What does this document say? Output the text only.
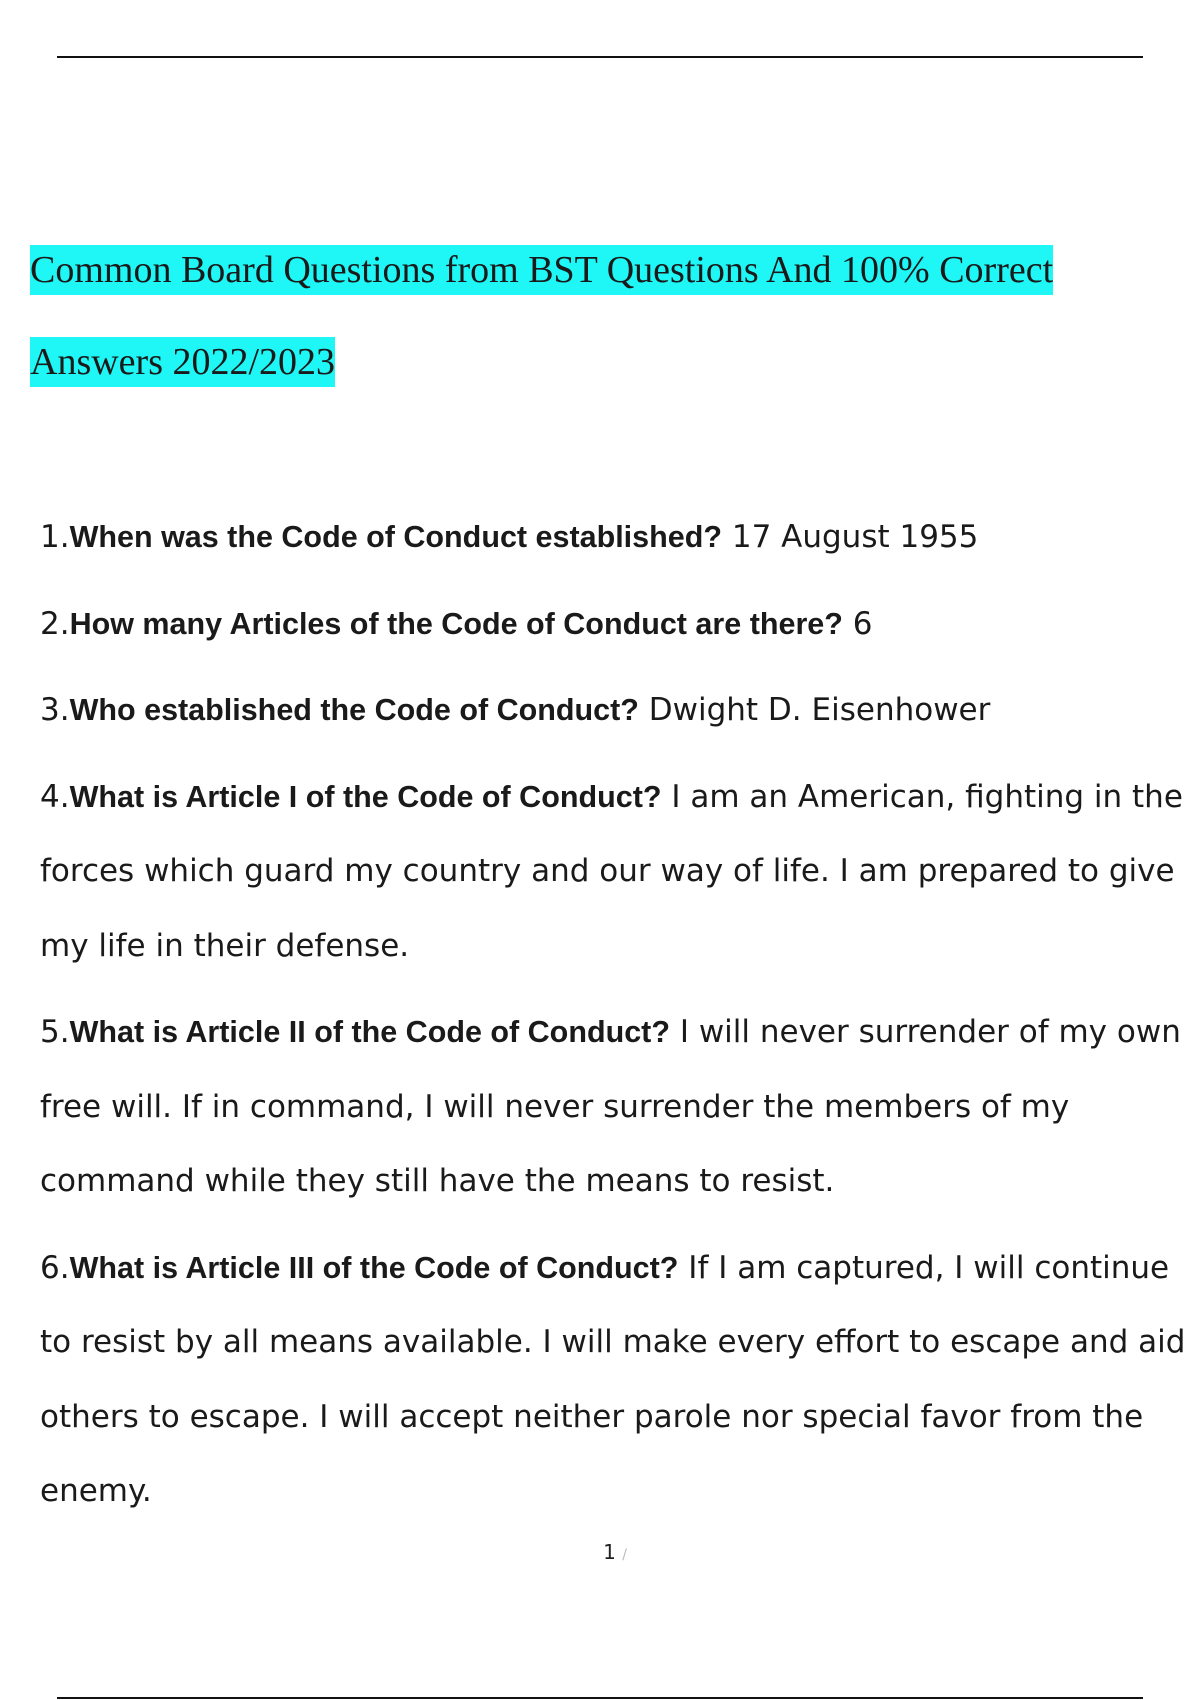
Common Board Questions from BST Questions And 100% Correct
Answers 2022/2023
1.When was the Code of Conduct established? 17 August 1955
2.How many Articles of the Code of Conduct are there? 6
3.Who established the Code of Conduct? Dwight D. Eisenhower
4.What is Article I of the Code of Conduct? I am an American, fighting in the forces which guard my country and our way of life. I am prepared to give my life in their defense.
5.What is Article II of the Code of Conduct? I will never surrender of my own free will. If in command, I will never surrender the members of my command while they still have the means to resist.
6.What is Article III of the Code of Conduct? If I am captured, I will continue to resist by all means available. I will make every effort to escape and aid others to escape. I will accept neither parole nor special favor from the enemy.
1 /
